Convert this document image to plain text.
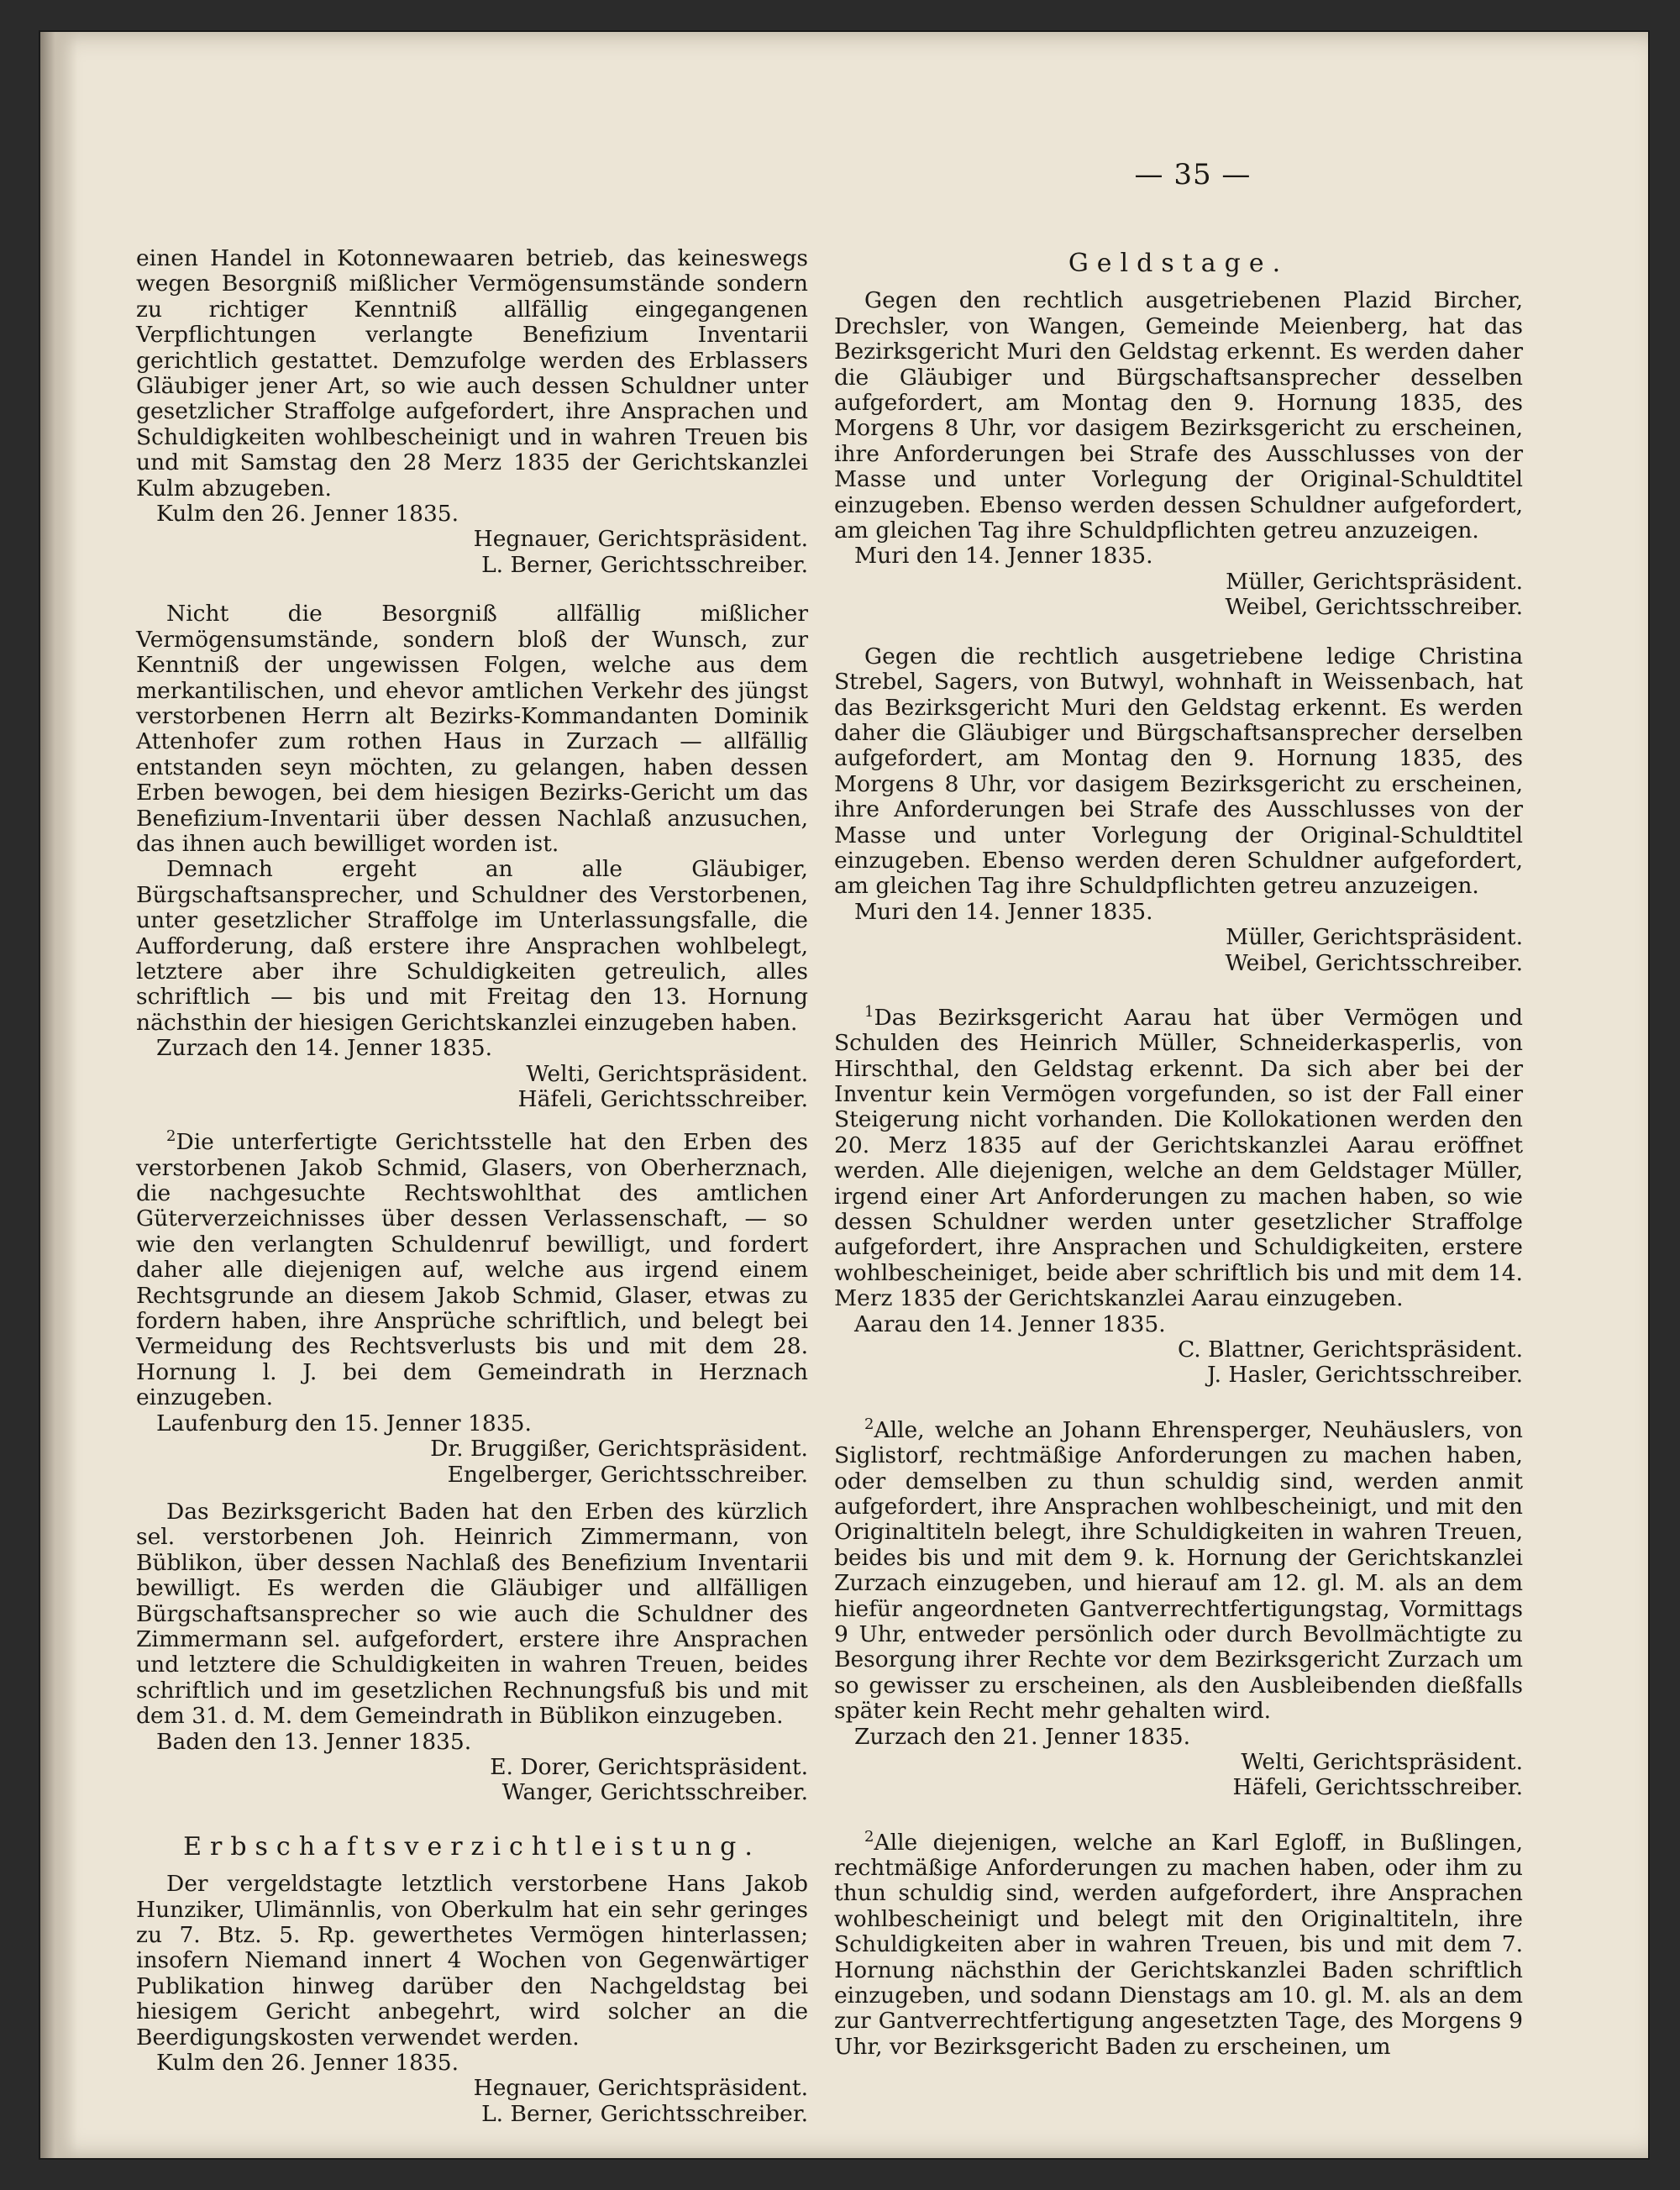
— 35 —

einen Handel in Kotonnewaaren betrieb, das keineswegs wegen Besorgniß mißlicher Vermögensumstände sondern zu richtiger Kenntniß allfällig eingegangenen Verpflichtungen verlangte Benefizium Inventarii gerichtlich gestattet. Demzufolge werden des Erblassers Gläubiger jener Art, so wie auch dessen Schuldner unter gesetzlicher Straffolge aufgefordert, ihre Ansprachen und Schuldigkeiten wohlbescheinigt und in wahren Treuen bis und mit Samstag den 28 Merz 1835 der Gerichtskanzlei Kulm abzugeben.

Kulm den 26. Jenner 1835.

Hegnauer, Gerichtspräsident.

L. Berner, Gerichtsschreiber.

Nicht die Besorgniß allfällig mißlicher Vermögensumstände, sondern bloß der Wunsch, zur Kenntniß der ungewissen Folgen, welche aus dem merkantilischen, und ehevor amtlichen Verkehr des jüngst verstorbenen Herrn alt Bezirks-Kommandanten Dominik Attenhofer zum rothen Haus in Zurzach — allfällig entstanden seyn möchten, zu gelangen, haben dessen Erben bewogen, bei dem hiesigen Bezirks-Gericht um das Benefizium-Inventarii über dessen Nachlaß anzusuchen, das ihnen auch bewilliget worden ist.

Demnach ergeht an alle Gläubiger, Bürgschaftsansprecher, und Schuldner des Verstorbenen, unter gesetzlicher Straffolge im Unterlassungsfalle, die Aufforderung, daß erstere ihre Ansprachen wohlbelegt, letztere aber ihre Schuldigkeiten getreulich, alles schriftlich — bis und mit Freitag den 13. Hornung nächsthin der hiesigen Gerichtskanzlei einzugeben haben.

Zurzach den 14. Jenner 1835.

Welti, Gerichtspräsident.

Häfeli, Gerichtsschreiber.

$^2$Die unterfertigte Gerichtsstelle hat den Erben des verstorbenen Jakob Schmid, Glasers, von Oberherznach, die nachgesuchte Rechtswohlthat des amtlichen Güterverzeichnisses über dessen Verlassenschaft, — so wie den verlangten Schuldenruf bewilligt, und fordert daher alle diejenigen auf, welche aus irgend einem Rechtsgrunde an diesem Jakob Schmid, Glaser, etwas zu fordern haben, ihre Ansprüche schriftlich, und belegt bei Vermeidung des Rechtsverlusts bis und mit dem 28. Hornung l. J. bei dem Gemeindrath in Herznach einzugeben.

Laufenburg den 15. Jenner 1835.

Dr. Bruggißer, Gerichtspräsident.

Engelberger, Gerichtsschreiber.

Das Bezirksgericht Baden hat den Erben des kürzlich sel. verstorbenen Joh. Heinrich Zimmermann, von Büblikon, über dessen Nachlaß des Benefizium Inventarii bewilligt. Es werden die Gläubiger und allfälligen Bürgschaftsansprecher so wie auch die Schuldner des Zimmermann sel. aufgefordert, erstere ihre Ansprachen und letztere die Schuldigkeiten in wahren Treuen, beides schriftlich und im gesetzlichen Rechnungsfuß bis und mit dem 31. d. M. dem Gemeindrath in Büblikon einzugeben.

Baden den 13. Jenner 1835.

E. Dorer, Gerichtspräsident.

Wanger, Gerichtsschreiber.

Erbschaftsverzichtleistung.

Der vergeldstagte letztlich verstorbene Hans Jakob Hunziker, Ulimännlis, von Oberkulm hat ein sehr geringes zu 7. Btz. 5. Rp. gewerthetes Vermögen hinterlassen; insofern Niemand innert 4 Wochen von Gegenwärtiger Publikation hinweg darüber den Nachgeldstag bei hiesigem Gericht anbegehrt, wird solcher an die Beerdigungskosten verwendet werden.

Kulm den 26. Jenner 1835.

Hegnauer, Gerichtspräsident.

L. Berner, Gerichtsschreiber.

Geldstage.

Gegen den rechtlich ausgetriebenen Plazid Bircher, Drechsler, von Wangen, Gemeinde Meienberg, hat das Bezirksgericht Muri den Geldstag erkennt. Es werden daher die Gläubiger und Bürgschaftsansprecher desselben aufgefordert, am Montag den 9. Hornung 1835, des Morgens 8 Uhr, vor dasigem Bezirksgericht zu erscheinen, ihre Anforderungen bei Strafe des Ausschlusses von der Masse und unter Vorlegung der Original-Schuldtitel einzugeben. Ebenso werden dessen Schuldner aufgefordert, am gleichen Tag ihre Schuldpflichten getreu anzuzeigen.

Muri den 14. Jenner 1835.

Müller, Gerichtspräsident.

Weibel, Gerichtsschreiber.

Gegen die rechtlich ausgetriebene ledige Christina Strebel, Sagers, von Butwyl, wohnhaft in Weissenbach, hat das Bezirksgericht Muri den Geldstag erkennt. Es werden daher die Gläubiger und Bürgschaftsansprecher derselben aufgefordert, am Montag den 9. Hornung 1835, des Morgens 8 Uhr, vor dasigem Bezirksgericht zu erscheinen, ihre Anforderungen bei Strafe des Ausschlusses von der Masse und unter Vorlegung der Original-Schuldtitel einzugeben. Ebenso werden deren Schuldner aufgefordert, am gleichen Tag ihre Schuldpflichten getreu anzuzeigen.

Muri den 14. Jenner 1835.

Müller, Gerichtspräsident.

Weibel, Gerichtsschreiber.

$^1$Das Bezirksgericht Aarau hat über Vermögen und Schulden des Heinrich Müller, Schneiderkasperlis, von Hirschthal, den Geldstag erkennt. Da sich aber bei der Inventur kein Vermögen vorgefunden, so ist der Fall einer Steigerung nicht vorhanden. Die Kollokationen werden den 20. Merz 1835 auf der Gerichtskanzlei Aarau eröffnet werden. Alle diejenigen, welche an dem Geldstager Müller, irgend einer Art Anforderungen zu machen haben, so wie dessen Schuldner werden unter gesetzlicher Straffolge aufgefordert, ihre Ansprachen und Schuldigkeiten, erstere wohlbescheiniget, beide aber schriftlich bis und mit dem 14. Merz 1835 der Gerichtskanzlei Aarau einzugeben.

Aarau den 14. Jenner 1835.

C. Blattner, Gerichtspräsident.

J. Hasler, Gerichtsschreiber.

$^2$Alle, welche an Johann Ehrensperger, Neuhäuslers, von Siglistorf, rechtmäßige Anforderungen zu machen haben, oder demselben zu thun schuldig sind, werden anmit aufgefordert, ihre Ansprachen wohlbescheinigt, und mit den Originaltiteln belegt, ihre Schuldigkeiten in wahren Treuen, beides bis und mit dem 9. k. Hornung der Gerichtskanzlei Zurzach einzugeben, und hierauf am 12. gl. M. als an dem hiefür angeordneten Gantverrechtfertigungstag, Vormittags 9 Uhr, entweder persönlich oder durch Bevollmächtigte zu Besorgung ihrer Rechte vor dem Bezirksgericht Zurzach um so gewisser zu erscheinen, als den Ausbleibenden dießfalls später kein Recht mehr gehalten wird.

Zurzach den 21. Jenner 1835.

Welti, Gerichtspräsident.

Häfeli, Gerichtsschreiber.

$^2$Alle diejenigen, welche an Karl Egloff, in Bußlingen, rechtmäßige Anforderungen zu machen haben, oder ihm zu thun schuldig sind, werden aufgefordert, ihre Ansprachen wohlbescheinigt und belegt mit den Originaltiteln, ihre Schuldigkeiten aber in wahren Treuen, bis und mit dem 7. Hornung nächsthin der Gerichtskanzlei Baden schriftlich einzugeben, und sodann Dienstags am 10. gl. M. als an dem zur Gantverrechtfertigung angesetzten Tage, des Morgens 9 Uhr, vor Bezirksgericht Baden zu erscheinen, um
